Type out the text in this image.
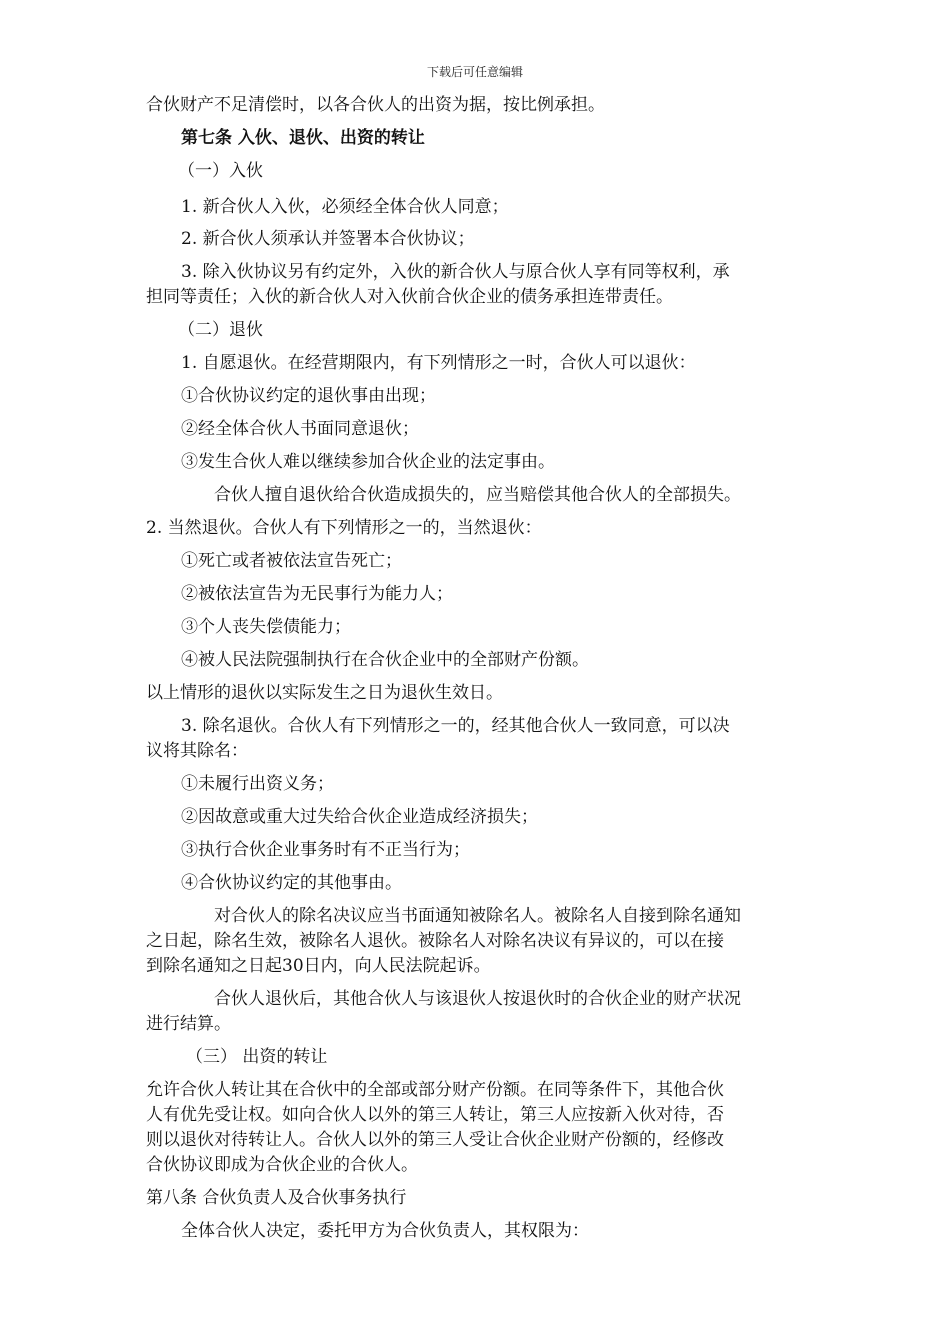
下载后可任意编辑
合伙财产不足清偿时，以各合伙人的出资为据，按比例承担。
第七条 入伙、退伙、出资的转让
（一）入伙
1. 新合伙人入伙，必须经全体合伙人同意；
2. 新合伙人须承认并签署本合伙协议；
3. 除入伙协议另有约定外，入伙的新合伙人与原合伙人享有同等权利，承
担同等责任；入伙的新合伙人对入伙前合伙企业的债务承担连带责任。
（二）退伙
1. 自愿退伙。在经营期限内，有下列情形之一时，合伙人可以退伙：
①合伙协议约定的退伙事由出现；
②经全体合伙人书面同意退伙；
③发生合伙人难以继续参加合伙企业的法定事由。
合伙人擅自退伙给合伙造成损失的，应当赔偿其他合伙人的全部损失。
2. 当然退伙。合伙人有下列情形之一的，当然退伙：
①死亡或者被依法宣告死亡；
②被依法宣告为无民事行为能力人；
③个人丧失偿债能力；
④被人民法院强制执行在合伙企业中的全部财产份额。
以上情形的退伙以实际发生之日为退伙生效日。
3. 除名退伙。合伙人有下列情形之一的，经其他合伙人一致同意，可以决
议将其除名：
①未履行出资义务；
②因故意或重大过失给合伙企业造成经济损失；
③执行合伙企业事务时有不正当行为；
④合伙协议约定的其他事由。
对合伙人的除名决议应当书面通知被除名人。被除名人自接到除名通知
之日起，除名生效，被除名人退伙。被除名人对除名决议有异议的，可以在接
到除名通知之日起30日内，向人民法院起诉。
合伙人退伙后，其他合伙人与该退伙人按退伙时的合伙企业的财产状况
进行结算。
（三） 出资的转让
允许合伙人转让其在合伙中的全部或部分财产份额。在同等条件下，其他合伙
人有优先受让权。如向合伙人以外的第三人转让，第三人应按新入伙对待，否
则以退伙对待转让人。合伙人以外的第三人受让合伙企业财产份额的，经修改
合伙协议即成为合伙企业的合伙人。
第八条 合伙负责人及合伙事务执行
全体合伙人决定，委托甲方为合伙负责人，其权限为：
